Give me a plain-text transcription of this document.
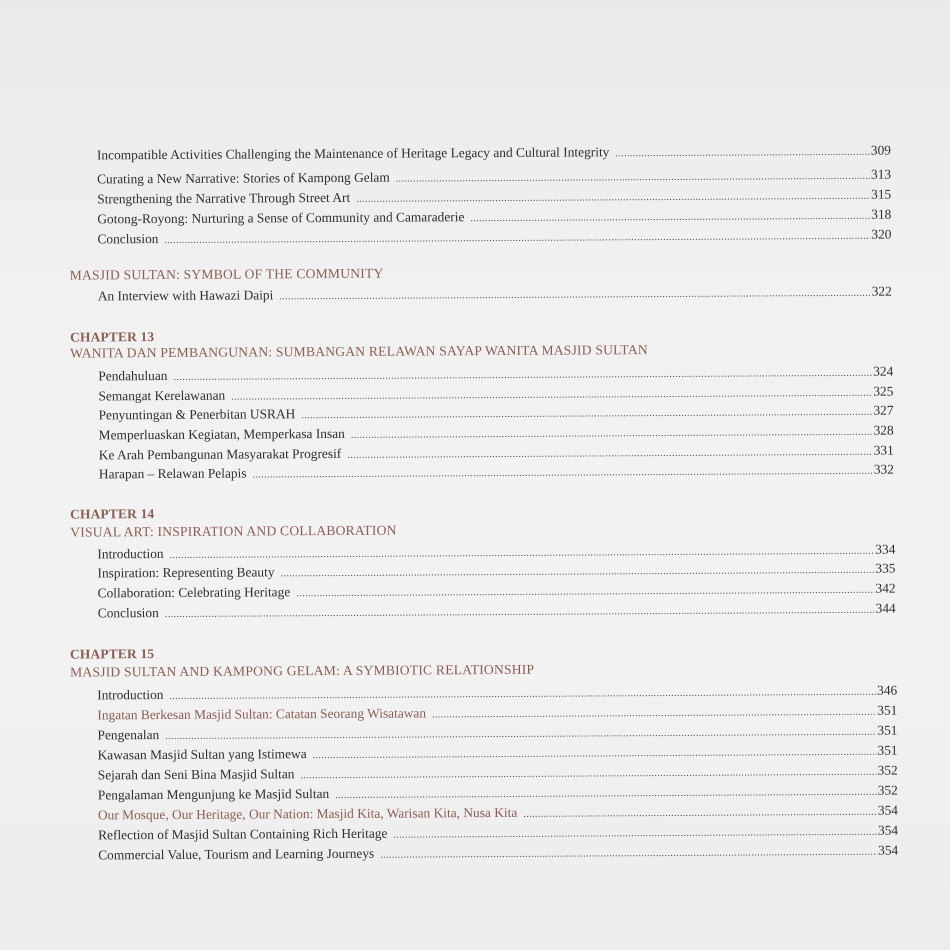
Incompatible Activities Challenging the Maintenance of Heritage Legacy and Cultural Integrity .....	309
Curating a New Narrative: Stories of Kampong Gelam .....	313
Strengthening the Narrative Through Street Art .....	315
Gotong-Royong: Nurturing a Sense of Community and Camaraderie .....	318
Conclusion .....	320
MASJID SULTAN: SYMBOL OF THE COMMUNITY
An Interview with Hawazi Daipi .....	322
CHAPTER 13
WANITA DAN PEMBANGUNAN: SUMBANGAN RELAWAN SAYAP WANITA MASJID SULTAN
Pendahuluan .....	324
Semangat Kerelawanan .....	325
Penyuntingan & Penerbitan USRAH .....	327
Memperluaskan Kegiatan, Memperkasa Insan .....	328
Ke Arah Pembangunan Masyarakat Progresif .....	331
Harapan – Relawan Pelapis .....	332
CHAPTER 14
VISUAL ART: INSPIRATION AND COLLABORATION
Introduction .....	334
Inspiration: Representing Beauty .....	335
Collaboration: Celebrating Heritage .....	342
Conclusion .....	344
CHAPTER 15
MASJID SULTAN AND KAMPONG GELAM: A SYMBIOTIC RELATIONSHIP
Introduction .....	346
Ingatan Berkesan Masjid Sultan: Catatan Seorang Wisatawan .....	351
Pengenalan .....	351
Kawasan Masjid Sultan yang Istimewa .....	351
Sejarah dan Seni Bina Masjid Sultan .....	352
Pengalaman Mengunjung ke Masjid Sultan .....	352
Our Mosque, Our Heritage, Our Nation: Masjid Kita, Warisan Kita, Nusa Kita .....	354
Reflection of Masjid Sultan Containing Rich Heritage .....	354
Commercial Value, Tourism and Learning Journeys .....	354
